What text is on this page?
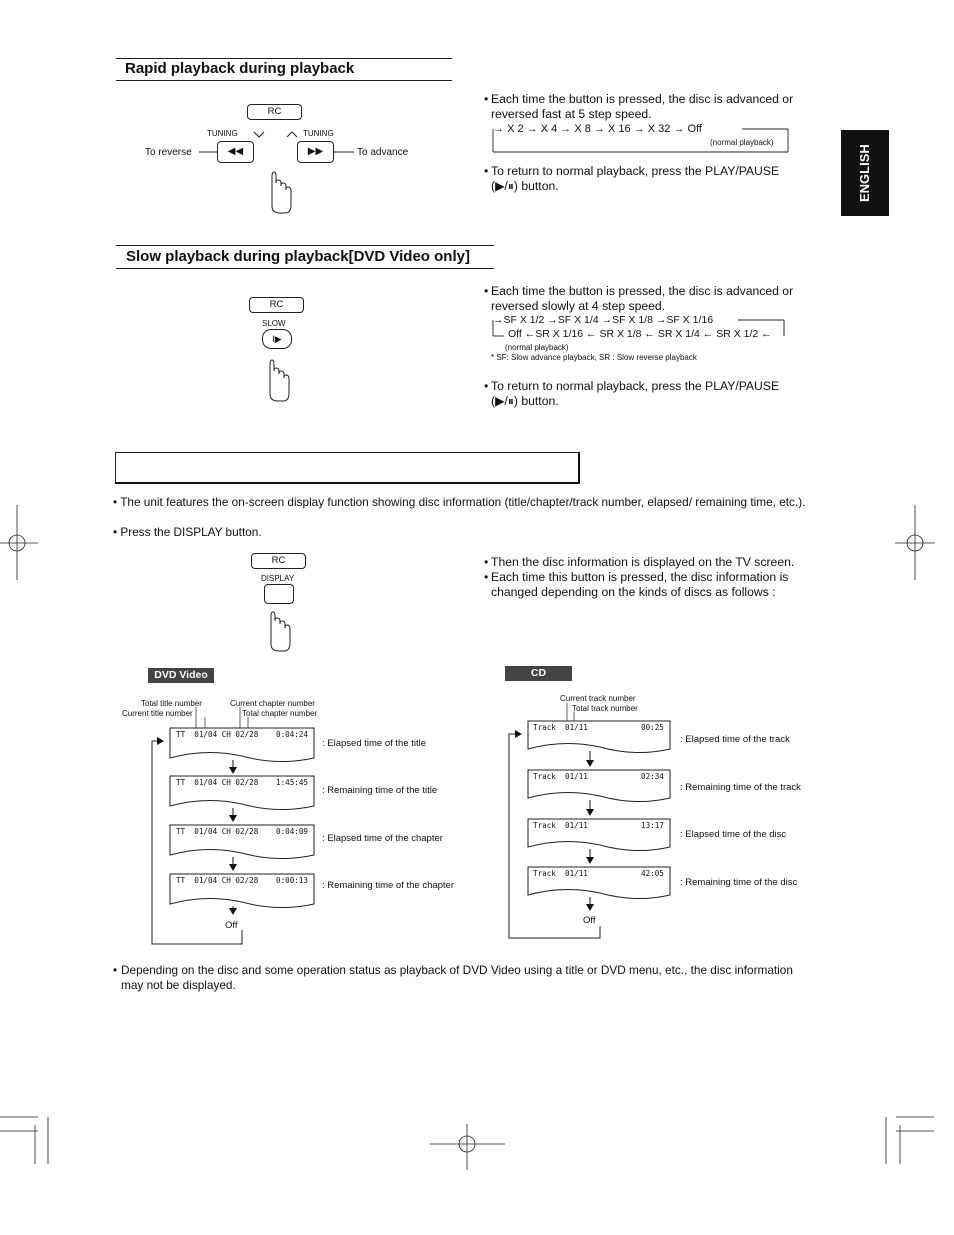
ENGLISH
Rapid playback during playback
RC
TUNING	TUNING
◀◀	▶▶
To reverse	To advance
• Each time the button is pressed, the disc is advanced or reversed fast at 5 step speed.
→ X 2 → X 4 → X 8 → X 16 → X 32 → Off
(normal playback)
• To return to normal playback, press the PLAY/PAUSE
(▶/⏸) button.
Slow playback during playback[DVD Video only]
RC
SLOW
I▶
• Each time the button is pressed, the disc is advanced or reversed slowly at 4 step speed.
→SF X 1/2 →SF X 1/4 →SF X 1/8 →SF X 1/16
Off ←SR X 1/16 ← SR X 1/8 ← SR X 1/4 ← SR X 1/2 ←
(normal playback)
* SF: Slow advance playback, SR : Slow reverse playback
• To return to normal playback, press the PLAY/PAUSE
(▶/⏸) button.
• The unit features the on-screen display function showing disc information (title/chapter/track number, elapsed/ remaining time, etc.).
• Press the DISPLAY button.
RC
DISPLAY
• Then the disc information is displayed on the TV screen.
• Each time this button is pressed, the disc information is changed depending on the kinds of discs as follows :
DVD Video
Total title number
Current title number
Current chapter number
Total chapter number
TT  01/04 CH 02/28 0:04:24
: Elapsed time of the title
TT  01/04 CH 02/28 1:45:45
: Remaining time of the title
TT  01/04 CH 02/28 0:04:09
: Elapsed time of the chapter
TT  01/04 CH 02/28 0:00:13 : Remaining time of the chapter
Off
CD
Current track number
Total track number
Track  01/11	00:25
: Elapsed time of the track
Track  01/11	02:34
: Remaining time of the track
Track  01/11	13:17
: Elapsed time of the disc
Track  01/11	42:05
: Remaining time of the disc
Off
• Depending on the disc and some operation status as playback of DVD Video using a title or DVD menu, etc., the disc information may not be displayed.
